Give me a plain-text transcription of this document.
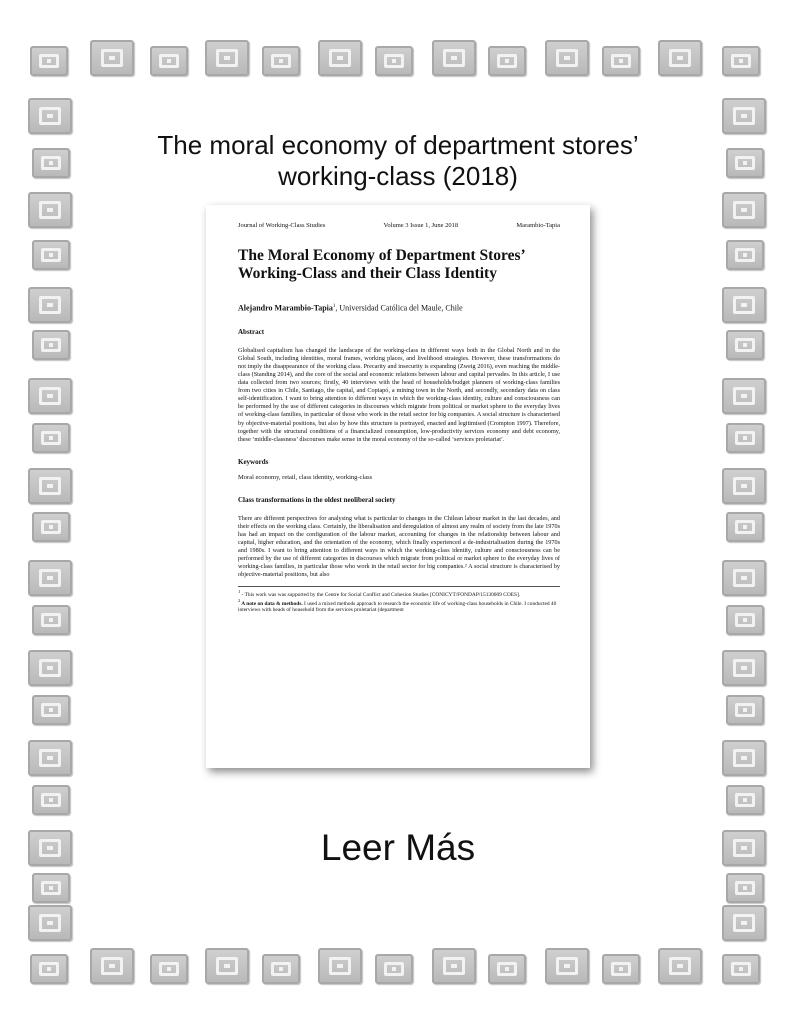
The moral economy of department stores’ working-class (2018)
Journal of Working-Class Studies	Volume 3 Issue 1, June 2018	Marambio-Tapia
The Moral Economy of Department Stores’ Working-Class and their Class Identity
Alejandro Marambio-Tapia$^1$, Universidad Católica del Maule, Chile
Abstract
Globalised capitalism has changed the landscape of the working-class in different ways both in the Global North and in the Global South, including identities, moral frames, working places, and livelihood strategies. However, these transformations do not imply the disappearance of the working class. Precarity and insecurity is expanding (Zweig 2016), even reaching the middle-class (Standing 2014), and the core of the social and economic relations between labour and capital pervades. In this article, I use data collected from two sources; firstly, 40 interviews with the head of households/budget planners of working-class families from two cities in Chile, Santiago, the capital, and Copiapó, a mining town in the North, and secondly, secondary data on class self-identification. I want to bring attention to different ways in which the working-class identity, culture and consciousness can be performed by the use of different categories in discourses which migrate from political or market sphere to the everyday lives of working-class families, in particular of those who work in the retail sector for big companies. A social structure is characterised by objective-material positions, but also by how this structure is portrayed, enacted and legitimised (Crompton 1997). Therefore, together with the structural conditions of a financialized consumption, low-productivity services economy and debt economy, these ‘middle-classness’ discourses make sense in the moral economy of the so-called ‘services proletariat’.
Keywords
Moral economy, retail, class identity, working-class
Class transformations in the oldest neoliberal society
There are different perspectives for analysing what is particular to changes in the Chilean labour market in the last decades, and their effects on the working class. Certainly, the liberalisation and deregulation of almost any realm of society from the late 1970s has had an impact on the configuration of the labour market, accounting for changes in the relationship between labour and capital, higher education, and the orientation of the economy, which finally experienced a de-industrialisation during the 1970s and 1980s. I want to bring attention to different ways in which the working-class identity, culture and consciousness can be performed by the use of different categories in discourses which migrate from political or market sphere to the everyday lives of working-class families, in particular those who work in the retail sector for big companies.² A social structure is characterised by objective-material positions, but also
$^1$ - This work was was supported by the Centre for Social Conflict and Cohesion Studies [CONICYT/FONDAP/15130009 COES].
$^2$ A note on data & methods. I used a mixed methods approach to research the economic life of working-class households in Chile. I conducted 40 interviews with heads of household from the services proletariat (department
Leer Más
